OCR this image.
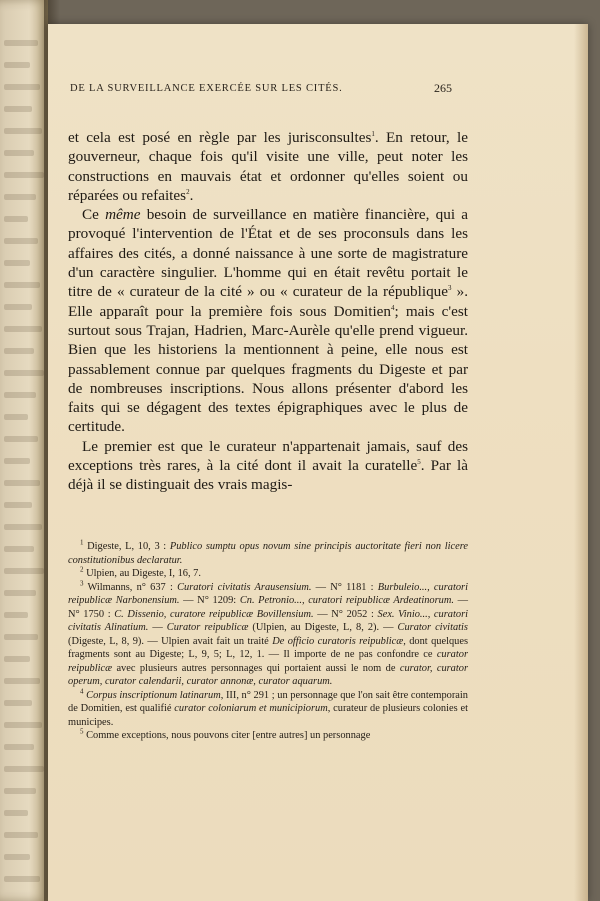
DE LA SURVEILLANCE EXERCÉE SUR LES CITÉS.	265

et cela est posé en règle par les jurisconsultes$^1$. En retour, le gouverneur, chaque fois qu'il visite une ville, peut noter les constructions en mauvais état et ordonner qu'elles soient ou réparées ou refaites$^2$.

Ce même besoin de surveillance en matière financière, qui a provoqué l'intervention de l'État et de ses proconsuls dans les affaires des cités, a donné naissance à une sorte de magistrature d'un caractère singulier. L'homme qui en était revêtu portait le titre de « curateur de la cité » ou « curateur de la république$^3$ ». Elle apparaît pour la première fois sous Domitien$^4$; mais c'est surtout sous Trajan, Hadrien, Marc-Aurèle qu'elle prend vigueur. Bien que les historiens la mentionnent à peine, elle nous est passablement connue par quelques fragments du Digeste et par de nombreuses inscriptions. Nous allons présenter d'abord les faits qui se dégagent des textes épigraphiques avec le plus de certitude.

Le premier est que le curateur n'appartenait jamais, sauf des exceptions très rares, à la cité dont il avait la curatelle$^5$. Par là déjà il se distinguait des vrais magis-

$^1$ Digeste, L, 10, 3 : Publico sumptu opus novum sine principis auctoritate fieri non licere constitutionibus declaratur.

$^2$ Ulpien, au Digeste, I, 16, 7.

$^3$ Wilmanns, n° 637 : Curatori civitatis Arausensium. — N° 1181 : Burbuleio..., curatori reipublicæ Narbonensium. — N° 1209: Cn. Petronio..., curatori reipublicæ Ardeatinorum. — N° 1750 : C. Dissenio, curatore reipublicæ Bovillensium. — N° 2052 : Sex. Vinio..., curatori civitatis Alinatium. — Curator reipublicæ (Ulpien, au Digeste, L, 8, 2). — Curator civitatis (Digeste, L, 8, 9). — Ulpien avait fait un traité De officio curatoris reipublicæ, dont quelques fragments sont au Digeste; L, 9, 5; L, 12, 1. — Il importe de ne pas confondre ce curator reipublicæ avec plusieurs autres personnages qui portaient aussi le nom de curator, curator operum, curator calendarii, curator annonæ, curator aquarum.

$^4$ Corpus inscriptionum latinarum, III, n° 291 ; un personnage que l'on sait être contemporain de Domitien, est qualifié curator coloniarum et municipiorum, curateur de plusieurs colonies et municipes.

$^5$ Comme exceptions, nous pouvons citer [entre autres] un personnage
